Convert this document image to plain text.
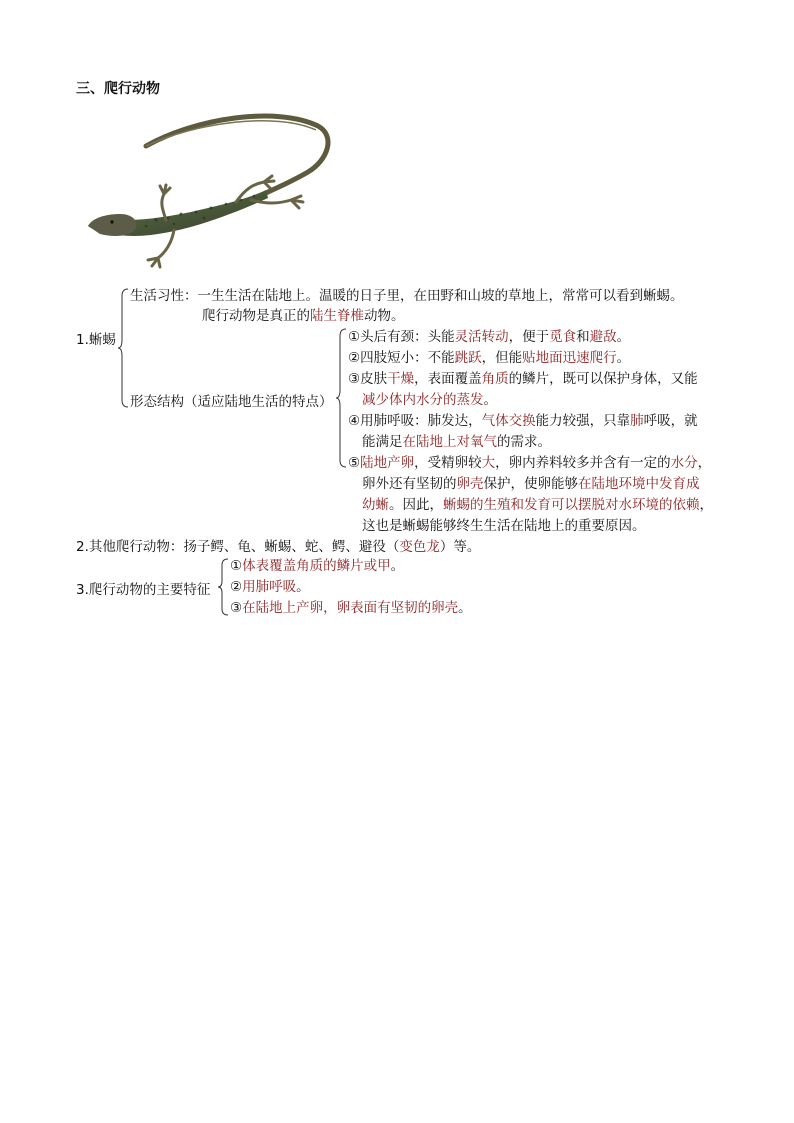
三、爬行动物
1.蜥蜴
生活习性：一生生活在陆地上。温暖的日子里，在田野和山坡的草地上，常常可以看到蜥蜴。
爬行动物是真正的陆生脊椎动物。
形态结构（适应陆地生活的特点）
①头后有颈：头能灵活转动，便于觅食和避敌。
②四肢短小：不能跳跃，但能贴地面迅速爬行。
③皮肤干燥，表面覆盖角质的鳞片，既可以保护身体，又能
减少体内水分的蒸发。
④用肺呼吸：肺发达，气体交换能力较强，只靠肺呼吸，就
能满足在陆地上对氧气的需求。
⑤陆地产卵，受精卵较大，卵内养料较多并含有一定的水分，
卵外还有坚韧的卵壳保护，使卵能够在陆地环境中发育成
幼蜥。因此，蜥蜴的生殖和发育可以摆脱对水环境的依赖，
这也是蜥蜴能够终生生活在陆地上的重要原因。
2.其他爬行动物：扬子鳄、龟、蜥蜴、蛇、鳄、避役（变色龙）等。
3.爬行动物的主要特征
①体表覆盖角质的鳞片或甲。
②用肺呼吸。
③在陆地上产卵，卵表面有坚韧的卵壳。
